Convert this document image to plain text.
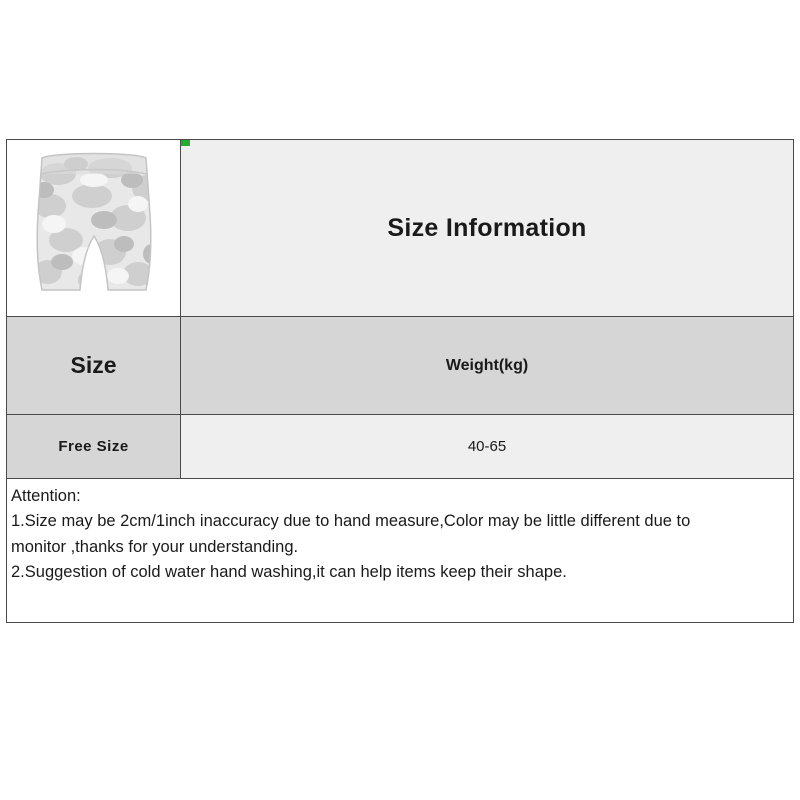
Size Information
Size	Weight(kg)
Free Size	40-65

Attention:

1.Size may be 2cm/1inch inaccuracy due to hand measure,Color may be little different due to

monitor ,thanks for your understanding.

2.Suggestion of cold water hand washing,it can help items keep their shape.
